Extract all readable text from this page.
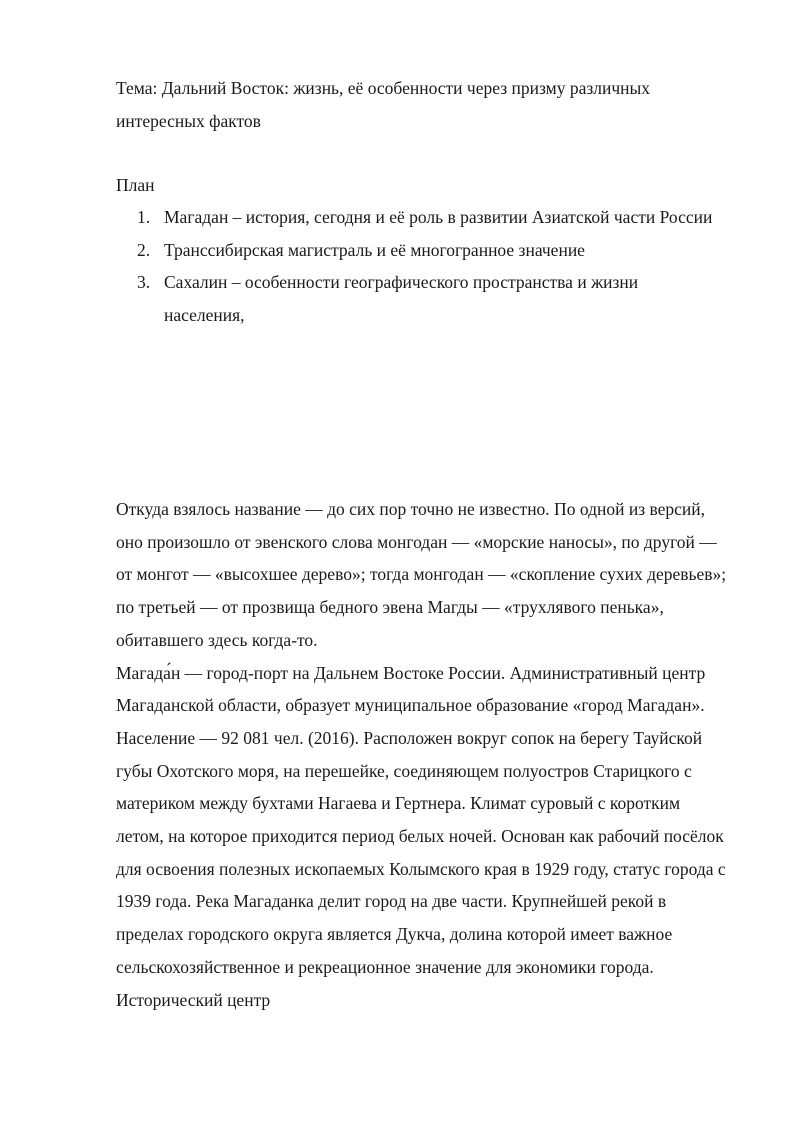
Тема: Дальний Восток: жизнь, её особенности через призму различных интересных фактов

План

1. Магадан – история, сегодня и её роль в развитии Азиатской части России
2. Транссибирская магистраль и её многогранное значение
3. Сахалин – особенности географического пространства и жизни населения,

Откуда взялось название — до сих пор точно не известно. По одной из версий, оно произошло от эвенского слова монгодан — «морские наносы», по другой — от монгот — «высохшее дерево»; тогда монгодан — «скопление сухих деревьев»; по третьей — от прозвища бедного эвена Магды — «трухлявого пенька», обитавшего здесь когда-то.

Магада́н — город-порт на Дальнем Востоке России. Административный центр Магаданской области, образует муниципальное образование «город Магадан».

Население — 92 081 чел. (2016). Расположен вокруг сопок на берегу Тауйской губы Охотского моря, на перешейке, соединяющем полуостров Старицкого с материком между бухтами Нагаева и Гертнера. Климат суровый с коротким летом, на которое приходится период белых ночей. Основан как рабочий посёлок для освоения полезных ископаемых Колымского края в 1929 году, статус города с 1939 года. Река Магаданка делит город на две части. Крупнейшей рекой в пределах городского округа является Дукча, долина которой имеет важное сельскохозяйственное и рекреационное значение для экономики города. Исторический центр
